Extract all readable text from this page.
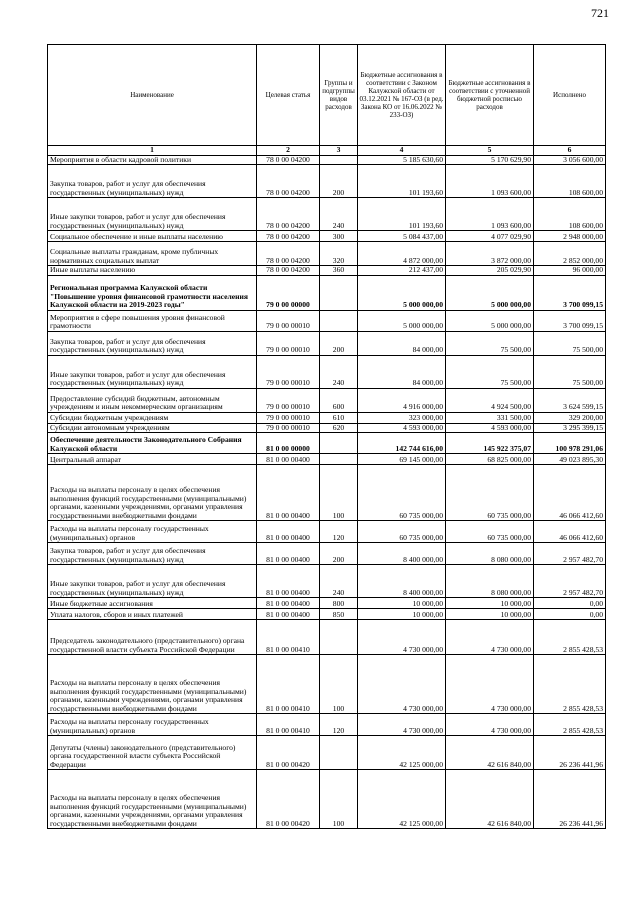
721
Наименование	Целевая статья	Группы и подгруппы видов расходов	Бюджетные ассигнования в соответствии с Законом Калужской области от 03.12.2021 № 167-ОЗ (в ред. Закона КО от 16.06.2022 № 233-ОЗ)	Бюджетные ассигнования в соответствии с уточненной бюджетной росписью расходов	Исполнено
1	2	3	4	5	6
Мероприятия в области кадровой политики	78 0 00 04200		5 185 630,60	5 170 629,90	3 056 600,00
Закупка товаров, работ и услуг для обеспечения государственных (муниципальных) нужд	78 0 00 04200	200	101 193,60	1 093 600,00	108 600,00
Иные закупки товаров, работ и услуг для обеспечения государственных (муниципальных) нужд	78 0 00 04200	240	101 193,60	1 093 600,00	108 600,00
Социальное обеспечение и иные выплаты населению	78 0 00 04200	300	5 084 437,00	4 077 029,90	2 948 000,00
Социальные выплаты гражданам, кроме публичных нормативных социальных выплат	78 0 00 04200	320	4 872 000,00	3 872 000,00	2 852 000,00
Иные выплаты населению	78 0 00 04200	360	212 437,00	205 029,90	96 000,00
Региональная программа Калужской области "Повышение уровня финансовой грамотности населения Калужской области на 2019-2023 годы"	79 0 00 00000		5 000 000,00	5 000 000,00	3 700 099,15
Мероприятия в сфере повышения уровня финансовой грамотности	79 0 00 00010		5 000 000,00	5 000 000,00	3 700 099,15
Закупка товаров, работ и услуг для обеспечения государственных (муниципальных) нужд	79 0 00 00010	200	84 000,00	75 500,00	75 500,00
Иные закупки товаров, работ и услуг для обеспечения государственных (муниципальных) нужд	79 0 00 00010	240	84 000,00	75 500,00	75 500,00
Предоставление субсидий бюджетным, автономным учреждениям и иным некоммерческим организациям	79 0 00 00010	600	4 916 000,00	4 924 500,00	3 624 599,15
Субсидии бюджетным учреждениям	79 0 00 00010	610	323 000,00	331 500,00	329 200,00
Субсидии автономным учреждениям	79 0 00 00010	620	4 593 000,00	4 593 000,00	3 295 399,15
Обеспечение деятельности Законодательного Собрания Калужской области	81 0 00 00000		142 744 616,00	145 922 375,07	100 978 291,06
Центральный аппарат	81 0 00 00400		69 145 000,00	68 825 000,00	49 023 895,30
Расходы на выплаты персоналу в целях обеспечения выполнения функций государственными (муниципальными) органами, казенными учреждениями, органами управления государственными внебюджетными фондами	81 0 00 00400	100	60 735 000,00	60 735 000,00	46 066 412,60
Расходы на выплаты персоналу государственных (муниципальных) органов	81 0 00 00400	120	60 735 000,00	60 735 000,00	46 066 412,60
Закупка товаров, работ и услуг для обеспечения государственных (муниципальных) нужд	81 0 00 00400	200	8 400 000,00	8 080 000,00	2 957 482,70
Иные закупки товаров, работ и услуг для обеспечения государственных (муниципальных) нужд	81 0 00 00400	240	8 400 000,00	8 080 000,00	2 957 482,70
Иные бюджетные ассигнования	81 0 00 00400	800	10 000,00	10 000,00	0,00
Уплата налогов, сборов и иных платежей	81 0 00 00400	850	10 000,00	10 000,00	0,00
Председатель законодательного (представительного) органа государственной власти субъекта Российской Федерации	81 0 00 00410		4 730 000,00	4 730 000,00	2 855 428,53
Расходы на выплаты персоналу в целях обеспечения выполнения функций государственными (муниципальными) органами, казенными учреждениями, органами управления государственными внебюджетными фондами	81 0 00 00410	100	4 730 000,00	4 730 000,00	2 855 428,53
Расходы на выплаты персоналу государственных (муниципальных) органов	81 0 00 00410	120	4 730 000,00	4 730 000,00	2 855 428,53
Депутаты (члены) законодательного (представительного) органа государственной власти субъекта Российской Федерации	81 0 00 00420		42 125 000,00	42 616 840,00	26 236 441,96
Расходы на выплаты персоналу в целях обеспечения выполнения функций государственными (муниципальными) органами, казенными учреждениями, органами управления государственными внебюджетными фондами	81 0 00 00420	100	42 125 000,00	42 616 840,00	26 236 441,96
